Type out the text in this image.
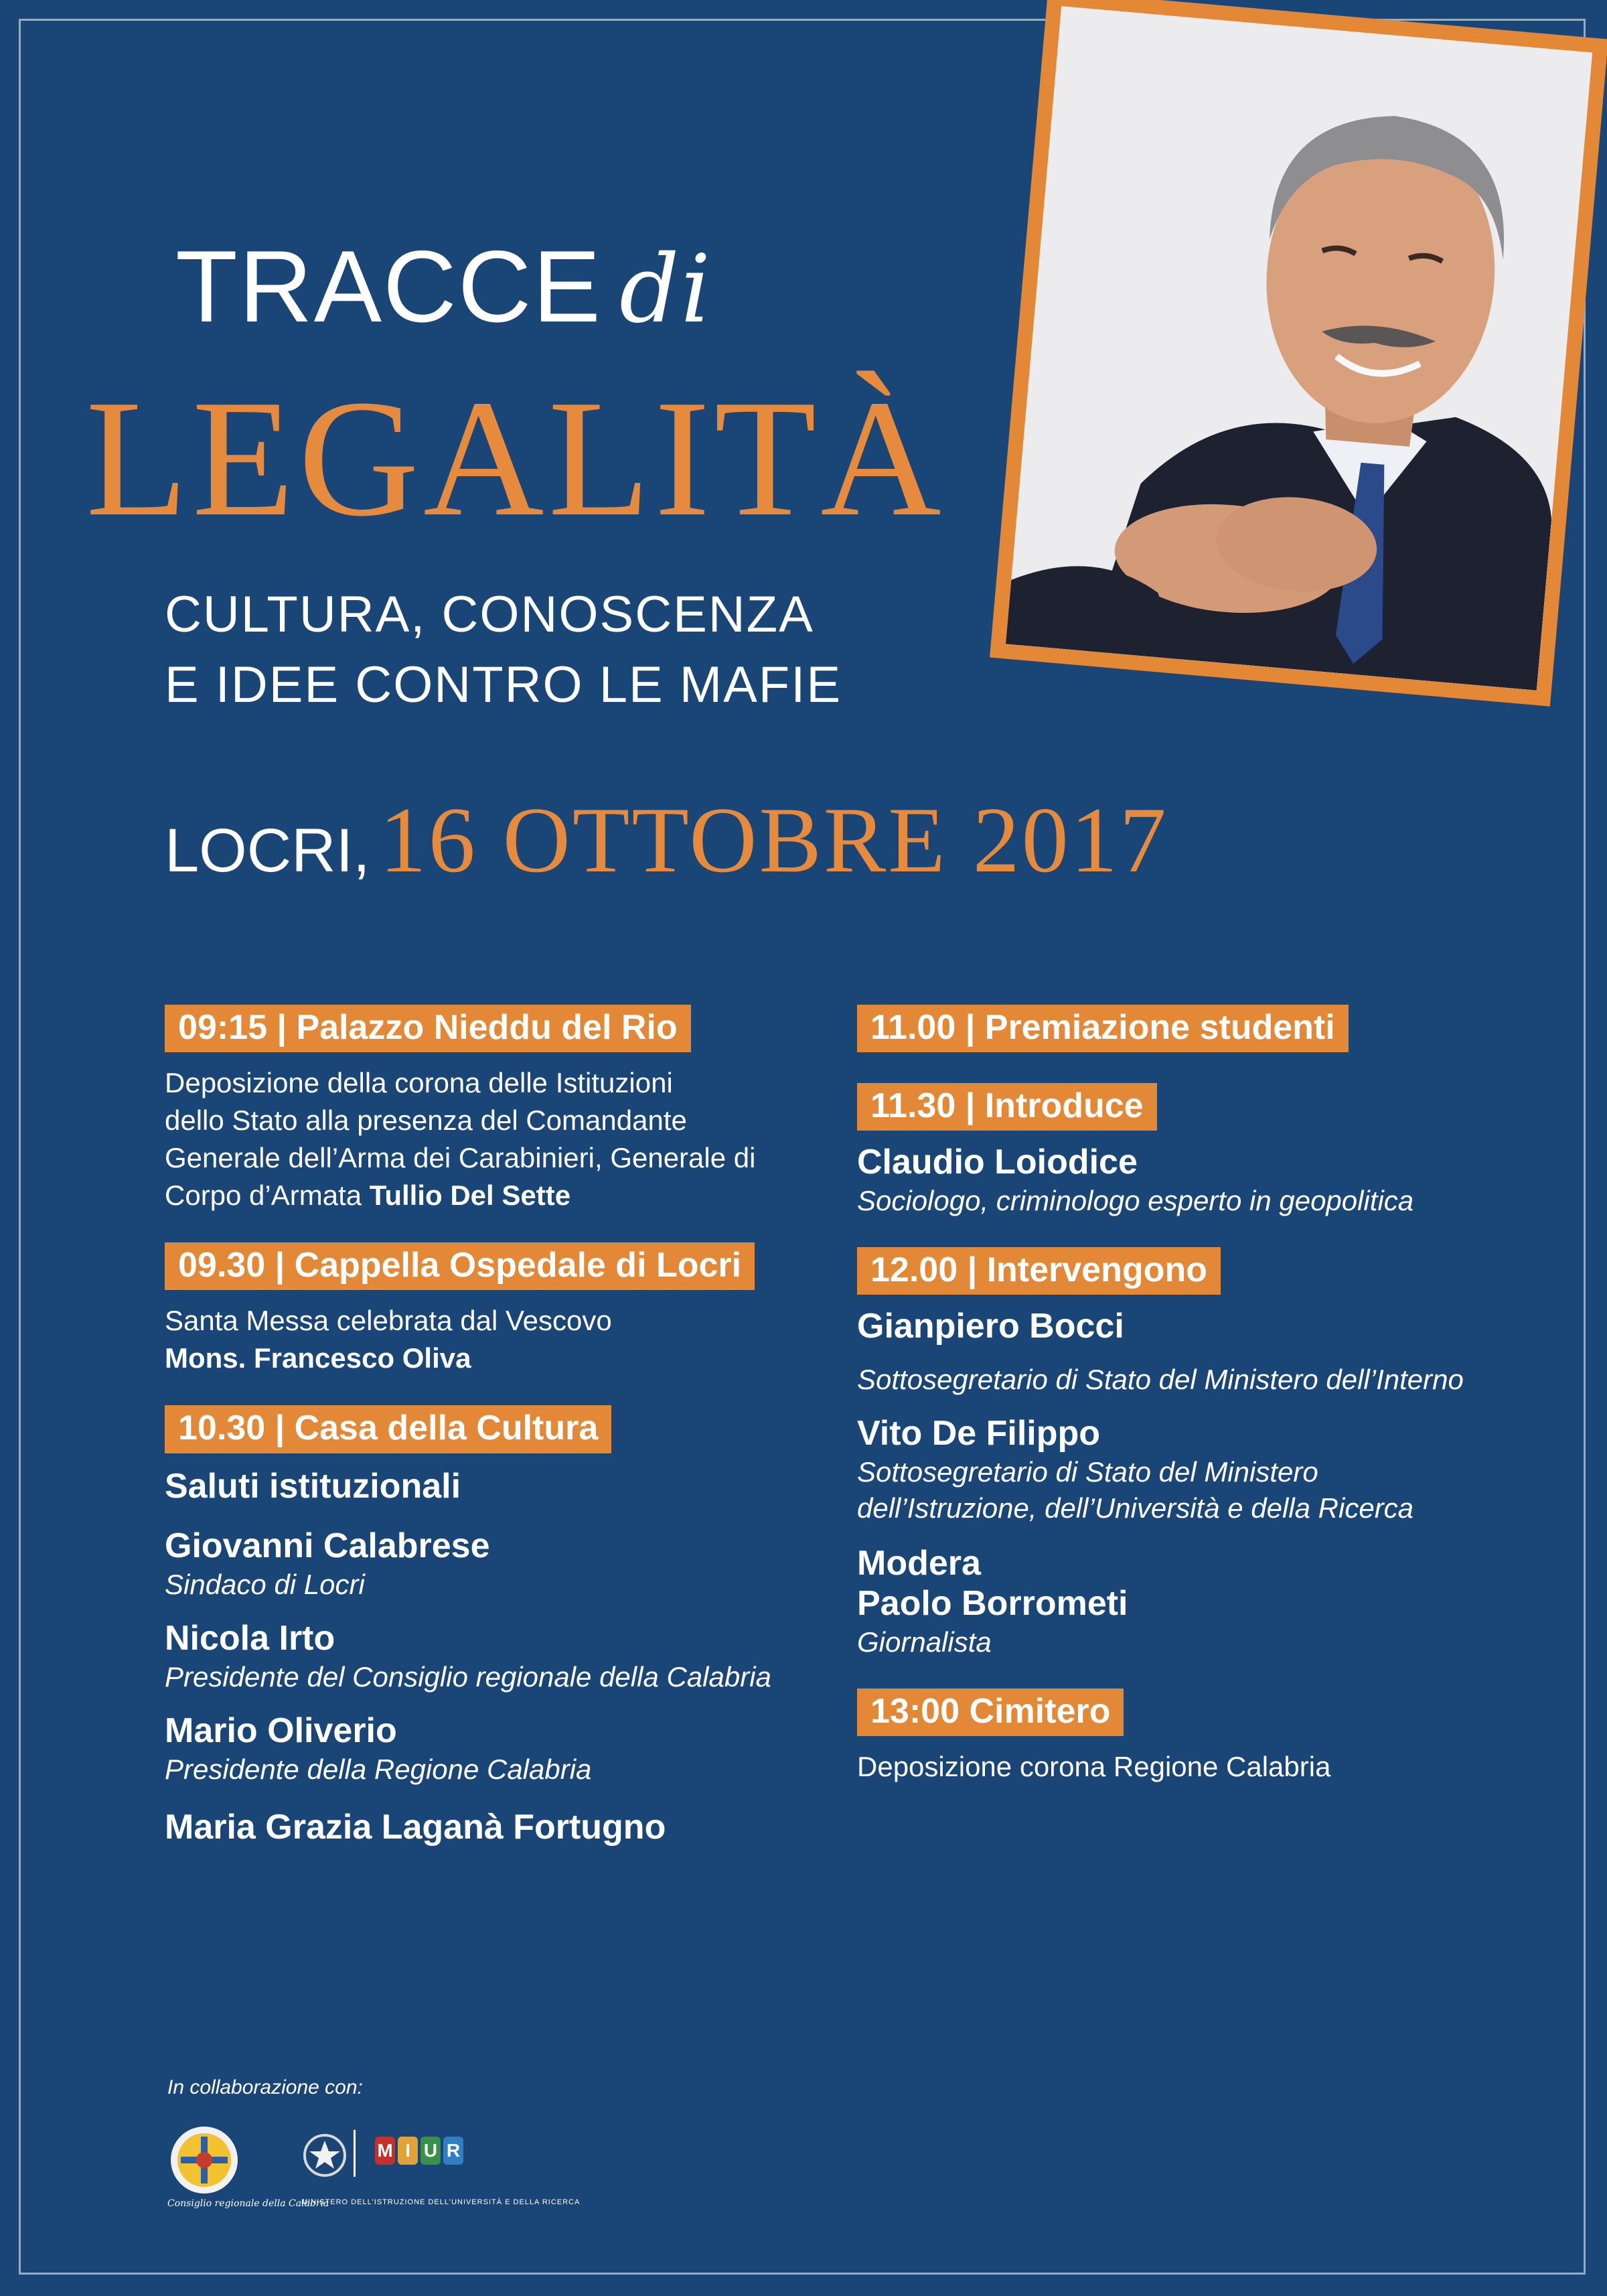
TRACCE di
LEGALITÀ
CULTURA, CONOSCENZA
E IDEE CONTRO LE MAFIE
LOCRI, 16 OTTOBRE 2017
09:15 | Palazzo Nieddu del Rio
Deposizione della corona delle Istituzioni
dello Stato alla presenza del Comandante
Generale dell’Arma dei Carabinieri, Generale di
Corpo d’Armata Tullio Del Sette
09.30 | Cappella Ospedale di Locri
Santa Messa celebrata dal Vescovo
Mons. Francesco Oliva
10.30 | Casa della Cultura
Saluti istituzionali
Giovanni Calabrese
Sindaco di Locri
Nicola Irto
Presidente del Consiglio regionale della Calabria
Mario Oliverio
Presidente della Regione Calabria
Maria Grazia Laganà Fortugno
11.00 | Premiazione studenti
11.30 | Introduce
Claudio Loiodice
Sociologo, criminologo esperto in geopolitica
12.00 | Intervengono
Gianpiero Bocci
Sottosegretario di Stato del Ministero dell’Interno
Vito De Filippo
Sottosegretario di Stato del Ministero
dell’Istruzione, dell’Università e della Ricerca
Modera
Paolo Borrometi
Giornalista
13:00 Cimitero
Deposizione corona Regione Calabria
In collaborazione con:
Consiglio regionale della Calabria
M I U R
MINISTERO DELL'ISTRUZIONE DELL'UNIVERSITÀ E DELLA RICERCA
